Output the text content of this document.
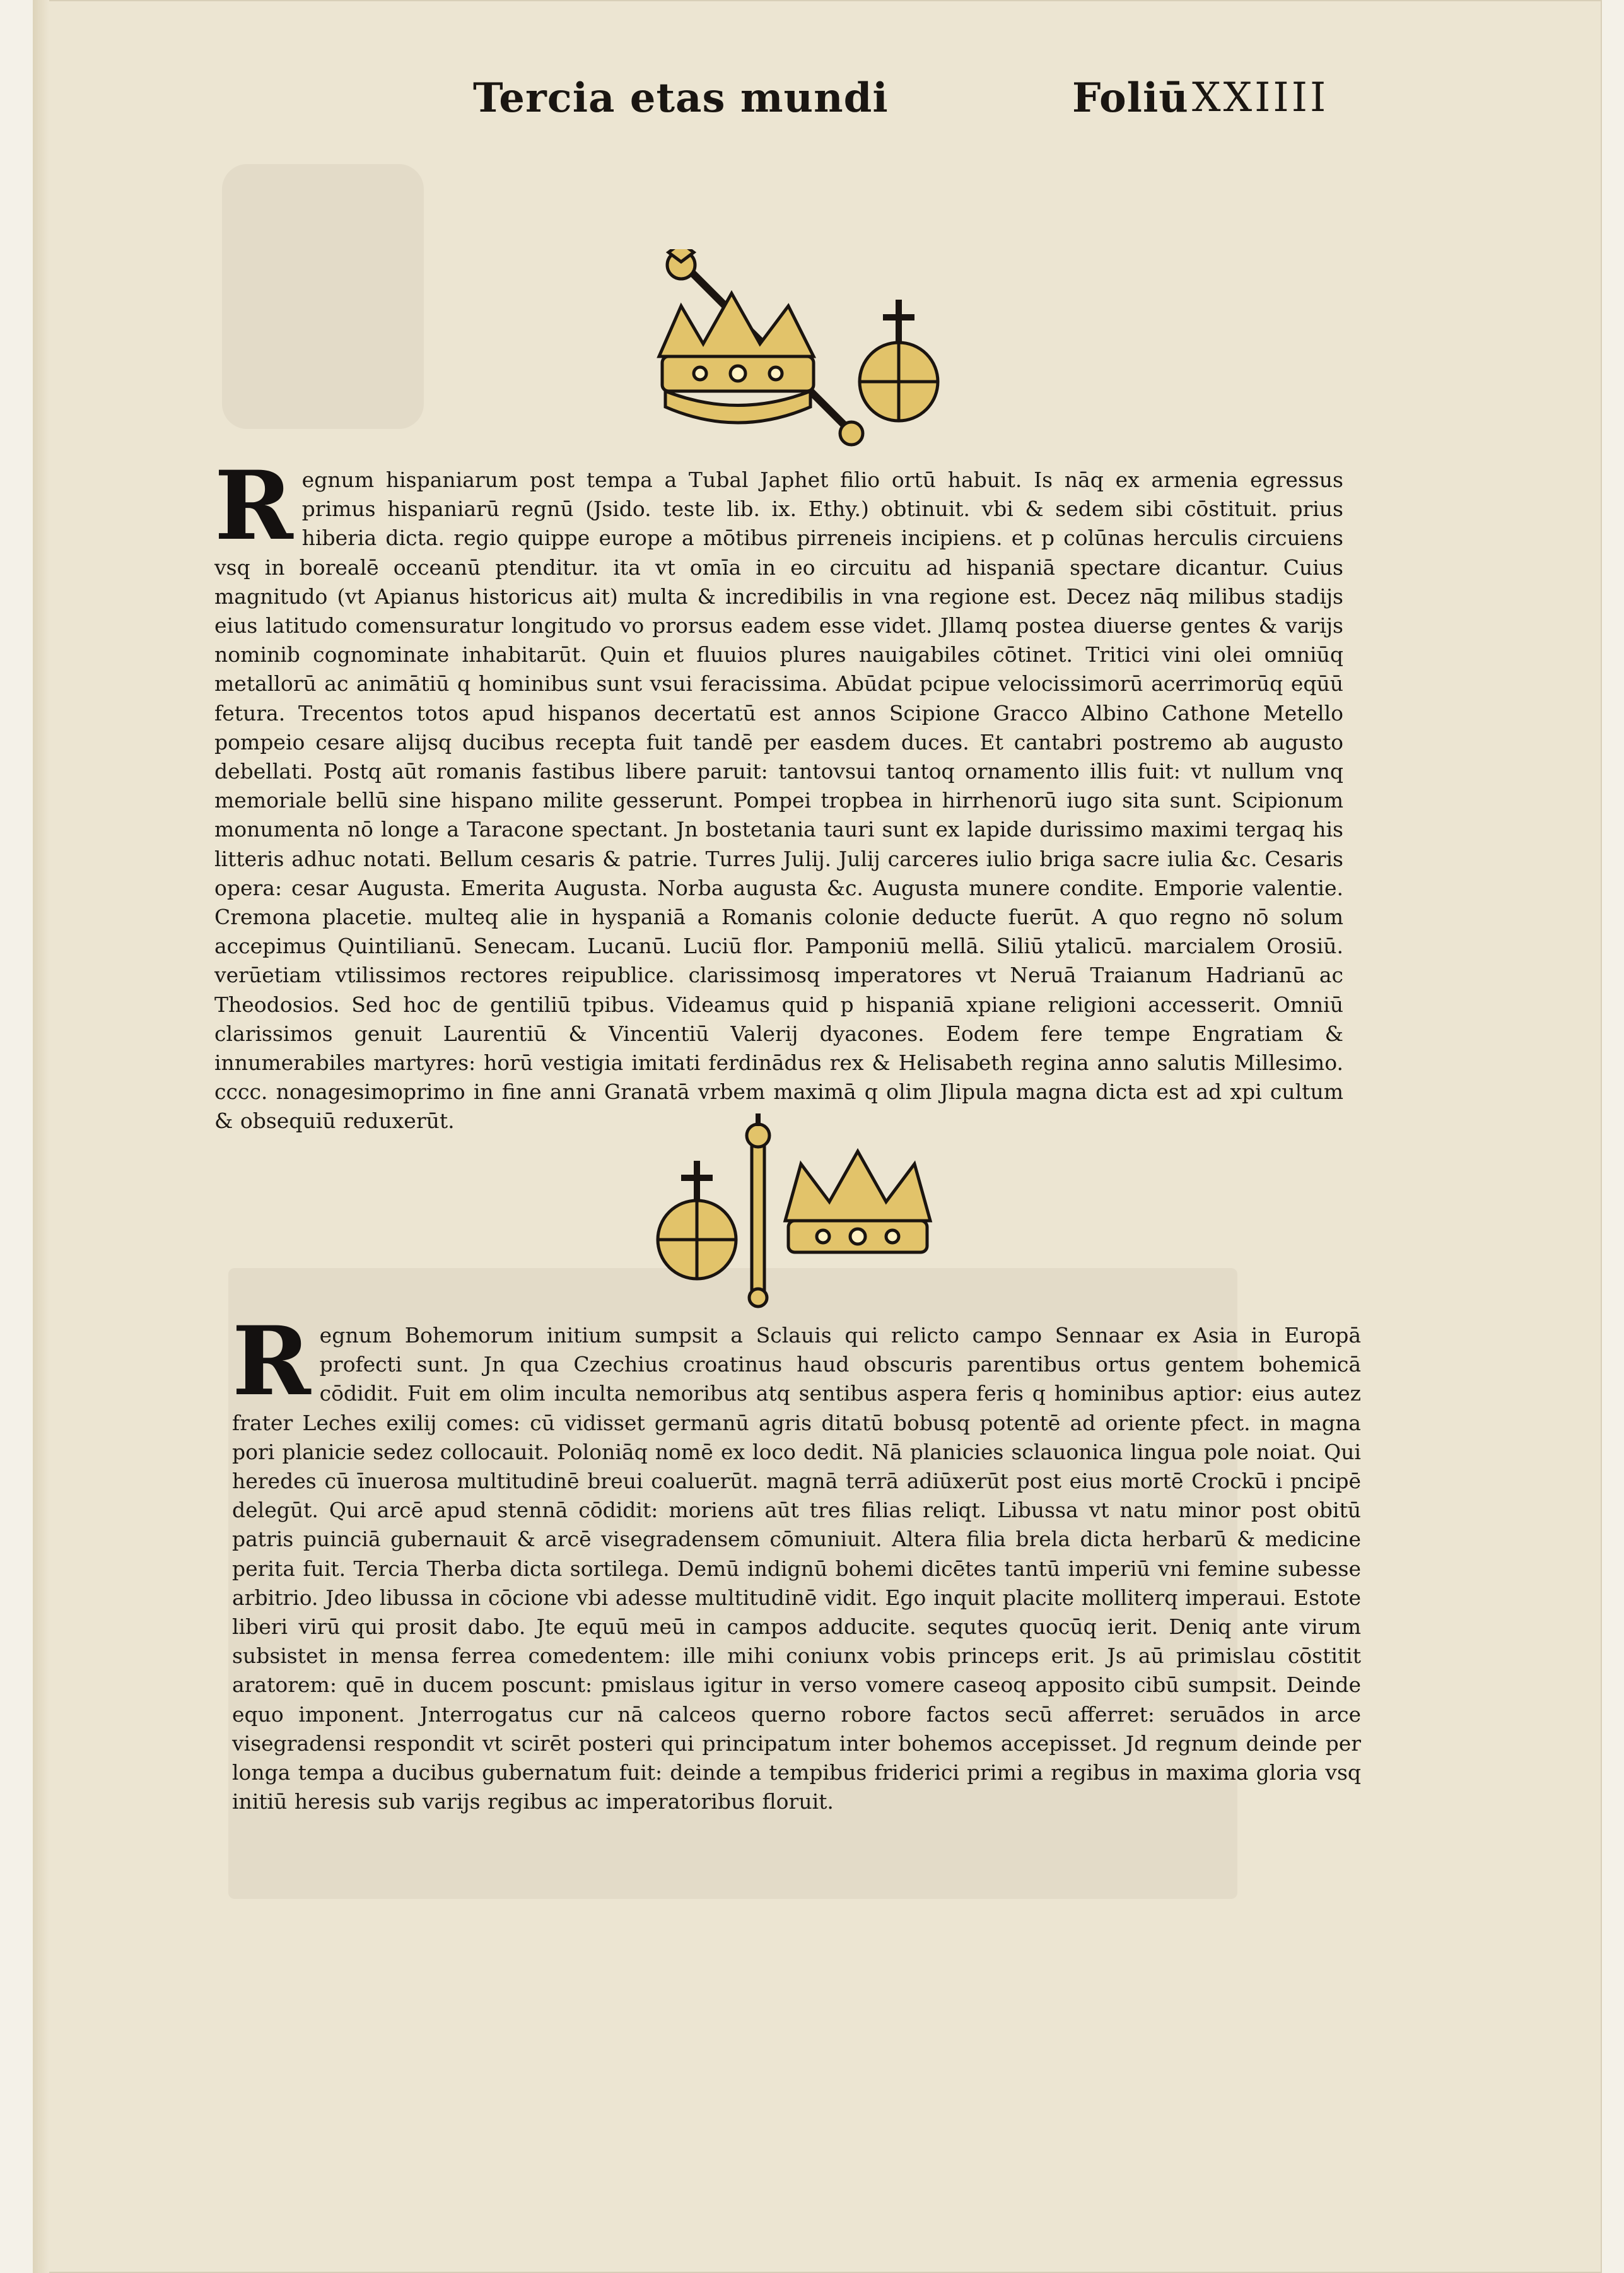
Tercia etas mundi	Foliū XXIIII
R egnum hispaniarum post tempa a Tubal Japhet filio ortū habuit. Is nāq ex armenia egressus primus hispaniarū regnū (Jsido. teste lib. ix. Ethy.) obtinuit. vbi & sedem sibi cōstituit. prius hiberia dicta. regio quippe europe a mōtibus pirreneis incipiens. et p colūnas herculis circuiens vsq in borealē occeanū ptenditur. ita vt omīa in eo circuitu ad hispaniā spectare dicantur. Cuius magnitudo (vt Apianus historicus ait) multa & incredibilis in vna regione est. Decez nāq milibus stadijs eius latitudo comensuratur longitudo vo prorsus eadem esse videt. Jllamq postea diuerse gentes & varijs nominib cognominate inhabitarūt. Quin et fluuios plures nauigabiles cōtinet. Tritici vini olei omniūq metallorū ac animātiū q hominibus sunt vsui feracissima. Abūdat pcipue velocissimorū acerrimorūq eqūū fetura. Trecentos totos apud hispanos decertatū est annos Scipione Gracco Albino Cathone Metello pompeio cesare alijsq ducibus recepta fuit tandē per easdem duces. Et cantabri postremo ab augusto debellati. Postq aūt romanis fastibus libere paruit: tantovsui tantoq ornamento illis fuit: vt nullum vnq memoriale bellū sine hispano milite gesserunt. Pompei tropbea in hirrhenorū iugo sita sunt. Scipionum monumenta nō longe a Taracone spectant. Jn bostetania tauri sunt ex lapide durissimo maximi tergaq his litteris adhuc notati. Bellum cesaris & patrie. Turres Julij. Julij carceres iulio briga sacre iulia &c. Cesaris opera: cesar Augusta. Emerita Augusta. Norba augusta &c. Augusta munere condite. Emporie valentie. Cremona placetie. multeq alie in hyspaniā a Romanis colonie deducte fuerūt. A quo regno nō solum accepimus Quintilianū. Senecam. Lucanū. Luciū flor. Pamponiū mellā. Siliū ytalicū. marcialem Orosiū. verūetiam vtilissimos rectores reipublice. clarissimosq imperatores vt Neruā Traianum Hadrianū ac Theodosios. Sed hoc de gentiliū tpibus. Videamus quid p hispaniā xpiane religioni accesserit. Omniū clarissimos genuit Laurentiū & Vincentiū Valerij dyacones. Eodem fere tempe Engratiam & innumerabiles martyres: horū vestigia imitati ferdinādus rex & Helisabeth regina anno salutis Millesimo. cccc. nonagesimoprimo in fine anni Granatā vrbem maximā q olim Jlipula magna dicta est ad xpi cultum & obsequiū reduxerūt.

R egnum Bohemorum initium sumpsit a Sclauis qui relicto campo Sennaar ex Asia in Europā profecti sunt. Jn qua Czechius croatinus haud obscuris parentibus ortus gentem bohemicā cōdidit. Fuit em olim inculta nemoribus atq sentibus aspera feris q hominibus aptior: eius autez frater Leches exilij comes: cū vidisset germanū agris ditatū bobusq potentē ad oriente pfect. in magna pori planicie sedez collocauit. Poloniāq nomē ex loco dedit. Nā planicies sclauonica lingua pole noiat. Qui heredes cū īnuerosa multitudinē breui coaluerūt. magnā terrā adiūxerūt post eius mortē Crockū i pncipē delegūt. Qui arcē apud stennā cōdidit: moriens aūt tres filias reliqt. Libussa vt natu minor post obitū patris puinciā gubernauit & arcē visegradensem cōmuniuit. Altera filia brela dicta herbarū & medicine perita fuit. Tercia Therba dicta sortilega. Demū indignū bohemi dicētes tantū imperiū vni femine subesse arbitrio. Jdeo libussa in cōcione vbi adesse multitudinē vidit. Ego inquit placite molliterq imperaui. Estote liberi virū qui prosit dabo. Jte equū meū in campos adducite. sequtes quocūq ierit. Deniq ante virum subsistet in mensa ferrea comedentem: ille mihi coniunx vobis princeps erit. Js aū primislau cōstitit aratorem: quē in ducem poscunt: pmislaus igitur in verso vomere caseoq apposito cibū sumpsit. Deinde equo imponent. Jnterrogatus cur nā calceos querno robore factos secū afferret: seruādos in arce visegradensi respondit vt scirēt posteri qui principatum inter bohemos accepisset. Jd regnum deinde per longa tempa a ducibus gubernatum fuit: deinde a tempibus friderici primi a regibus in maxima gloria vsq initiū heresis sub varijs regibus ac imperatoribus floruit.
